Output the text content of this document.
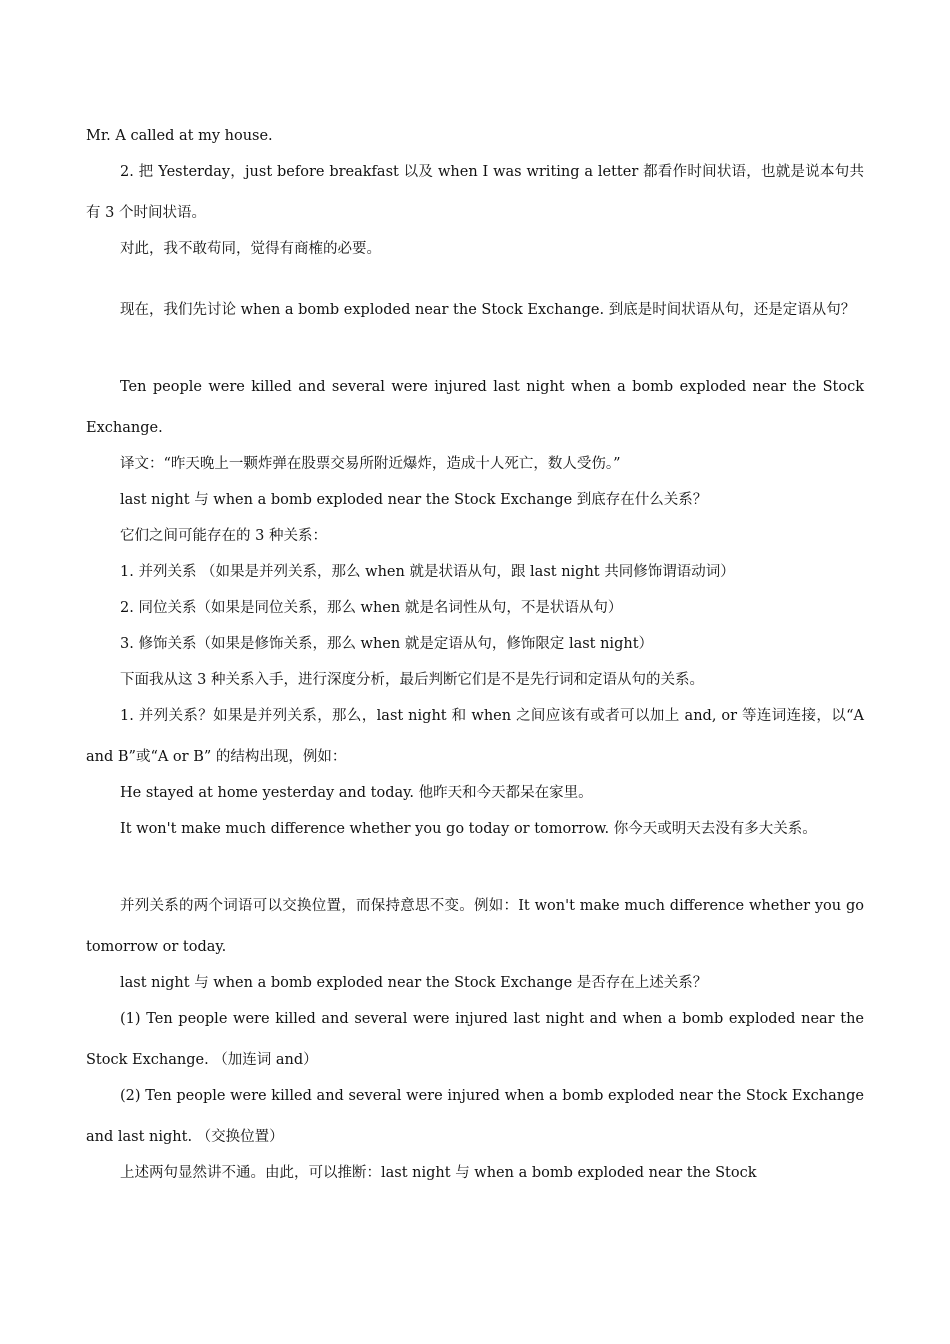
Mr. A called at my house.

2. 把 Yesterday，just before breakfast 以及 when I was writing a letter 都看作时间状语，也就是说本句共有 3 个时间状语。

对此，我不敢苟同，觉得有商榷的必要。

现在，我们先讨论 when a bomb exploded near the Stock Exchange. 到底是时间状语从句，还是定语从句？

Ten people were killed and several were injured last night when a bomb exploded near the Stock Exchange.

译文：“昨天晚上一颗炸弹在股票交易所附近爆炸，造成十人死亡，数人受伤。”

last night 与 when a bomb exploded near the Stock Exchange 到底存在什么关系？

它们之间可能存在的 3 种关系：

1. 并列关系 （如果是并列关系，那么 when 就是状语从句，跟 last night 共同修饰谓语动词）

2. 同位关系（如果是同位关系，那么 when 就是名词性从句，不是状语从句）

3. 修饰关系（如果是修饰关系，那么 when 就是定语从句，修饰限定 last night）

下面我从这 3 种关系入手，进行深度分析，最后判断它们是不是先行词和定语从句的关系。

1. 并列关系？如果是并列关系，那么，last night 和 when 之间应该有或者可以加上 and, or 等连词连接，以“A and B”或“A or B” 的结构出现，例如：

He stayed at home yesterday and today. 他昨天和今天都呆在家里。

It won't make much difference whether you go today or tomorrow. 你今天或明天去没有多大关系。

并列关系的两个词语可以交换位置，而保持意思不变。例如：It won't make much difference whether you go tomorrow or today.

last night 与 when a bomb exploded near the Stock Exchange 是否存在上述关系？

(1) Ten people were killed and several were injured last night and when a bomb exploded near the Stock Exchange. （加连词 and）

(2) Ten people were killed and several were injured when a bomb exploded near the Stock Exchange and last night. （交换位置）

上述两句显然讲不通。由此，可以推断：last night 与 when a bomb exploded near the Stock
